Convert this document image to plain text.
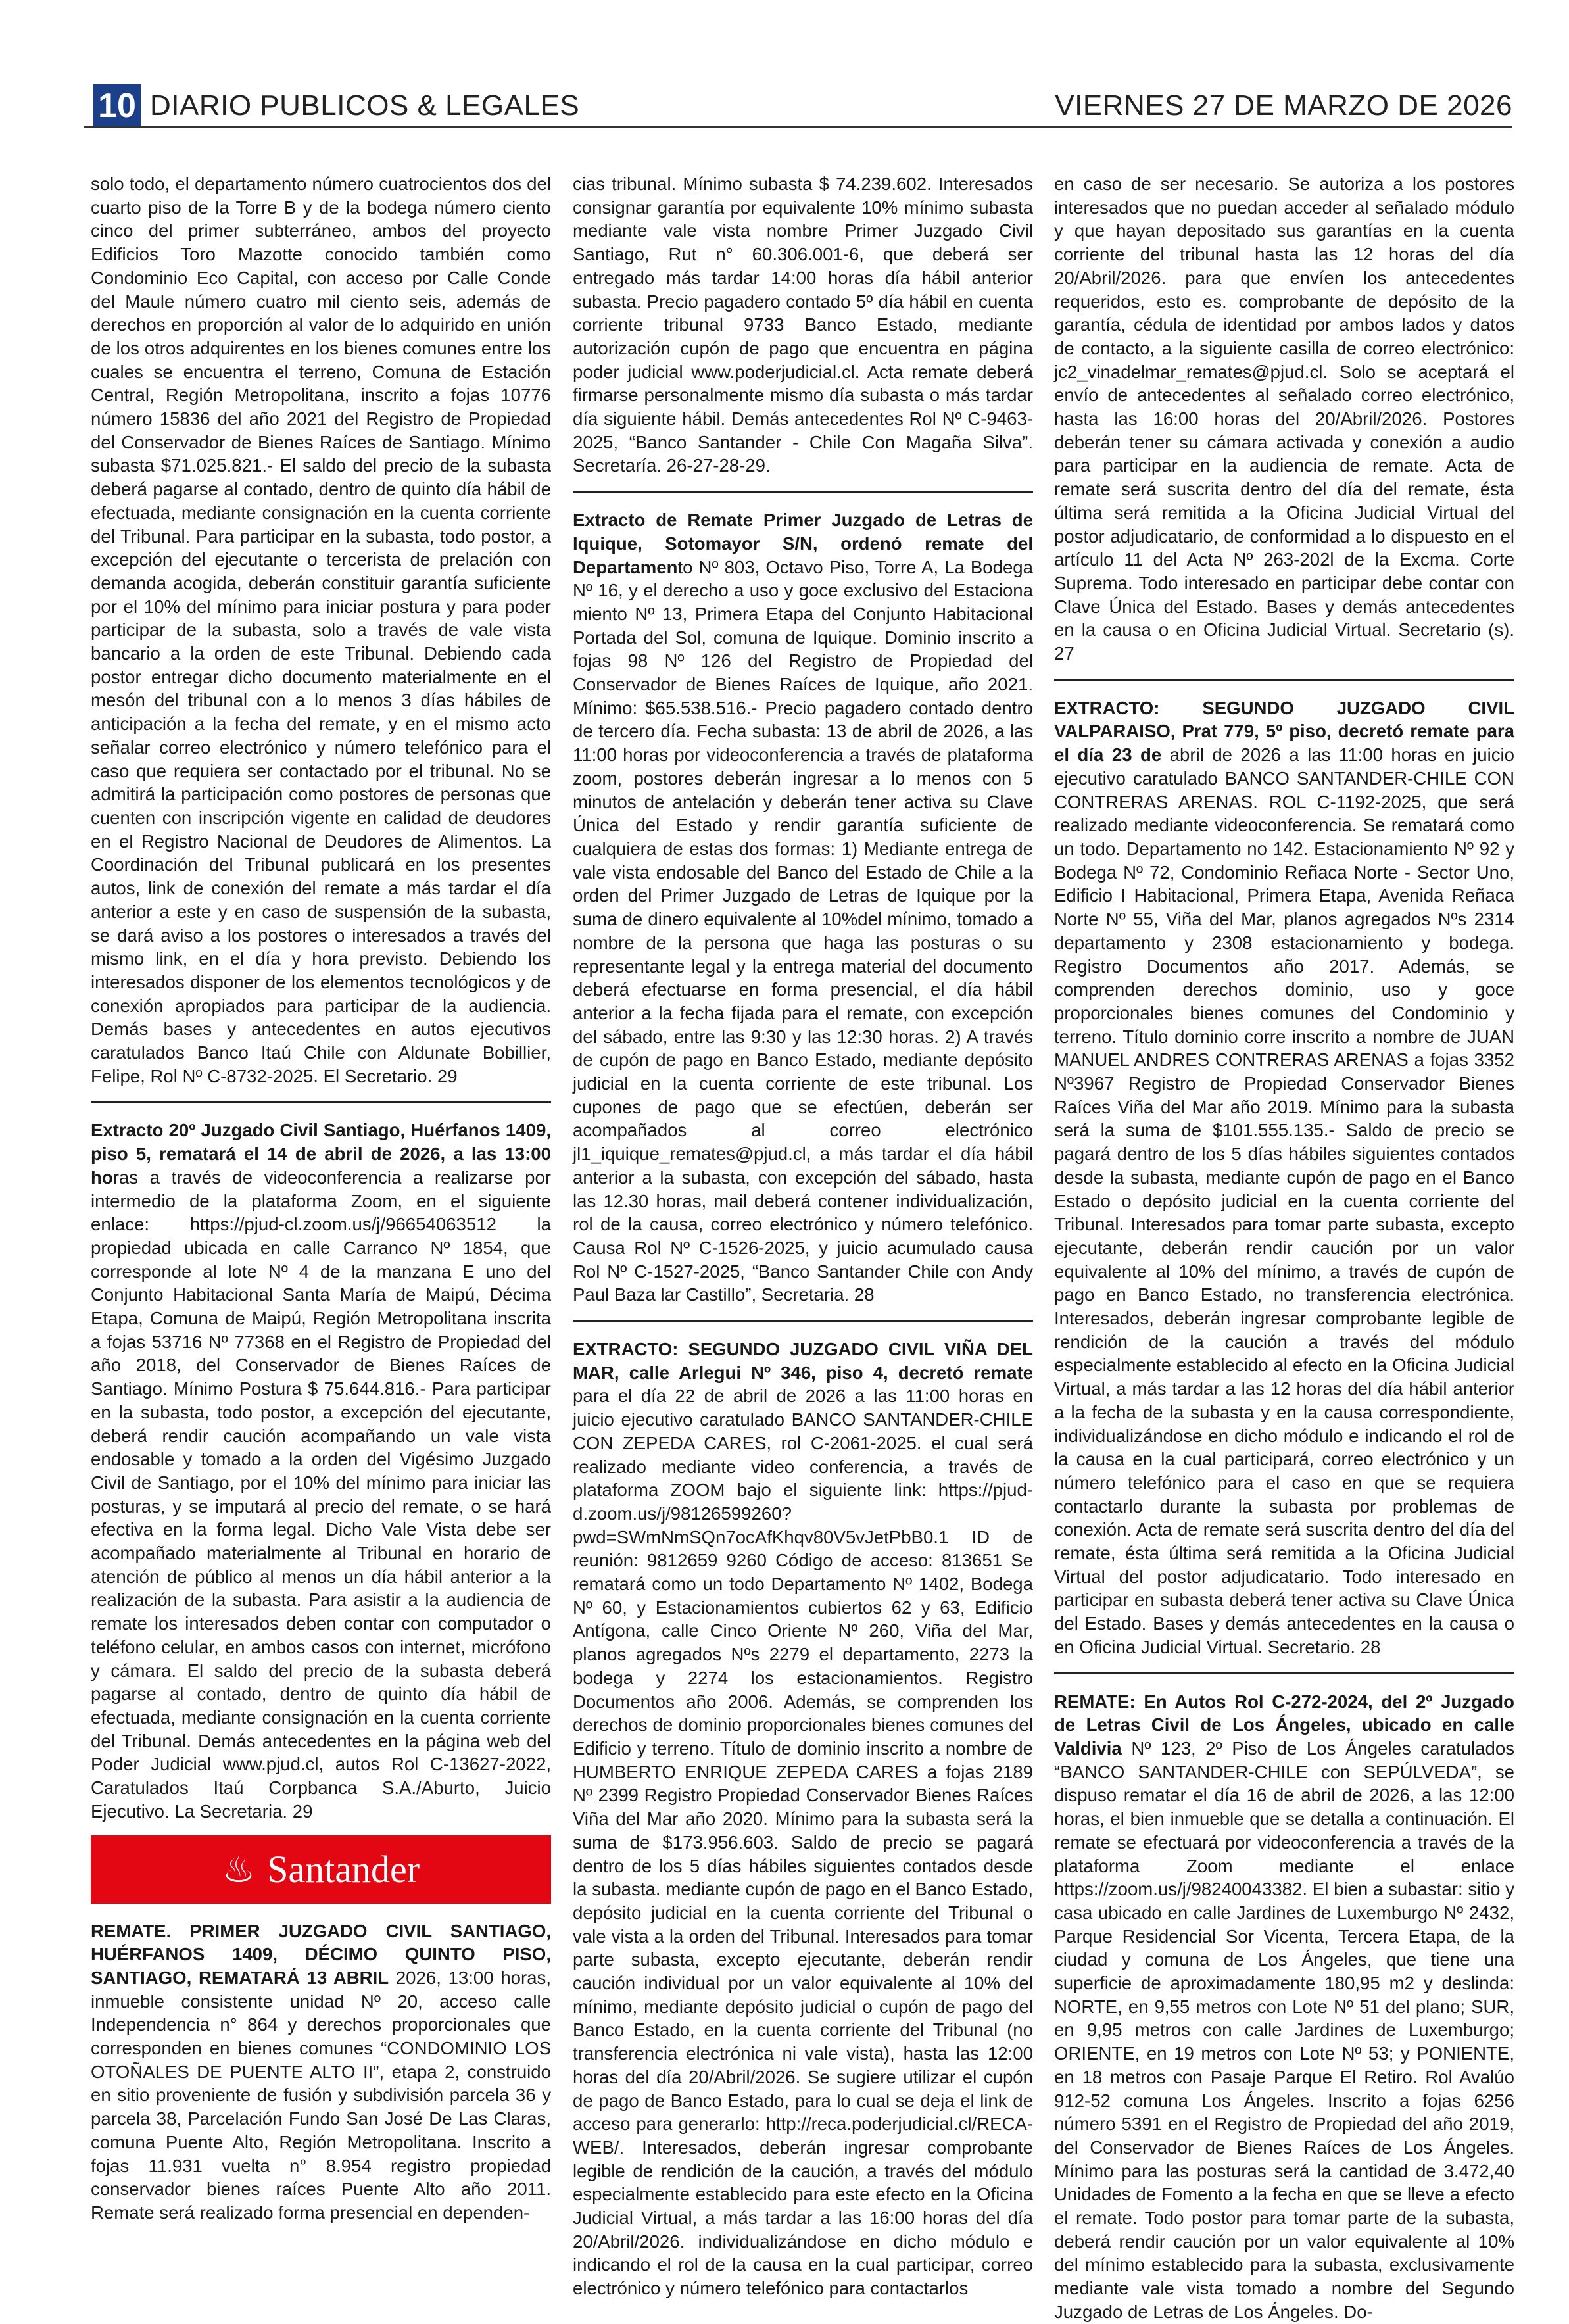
10 DIARIO PUBLICOS & LEGALES	VIERNES 27 DE MARZO DE 2026

solo todo, el departamento número cuatrocientos dos del cuarto piso de la Torre B y de la bodega número ciento cinco del primer subterráneo, ambos del proyecto Edificios Toro Mazotte conocido también como Condominio Eco Capital, con acceso por Calle Conde del Maule número cuatro mil ciento seis, además de derechos en proporción al valor de lo adquirido en unión de los otros adquirentes en los bienes comunes entre los cuales se encuentra el terreno, Comuna de Estación Central, Región Metropolitana, inscrito a fojas 10776 número 15836 del año 2021 del Registro de Propiedad del Conservador de Bienes Raíces de Santiago. Mínimo subasta $71.025.821.- El saldo del precio de la subasta deberá pagarse al contado, dentro de quinto día hábil de efectuada, mediante consignación en la cuenta corriente del Tribunal. Para participar en la subasta, todo postor, a excepción del ejecutante o tercerista de prelación con demanda acogida, deberán constituir garantía suficiente por el 10% del mínimo para iniciar postura y para poder participar de la subasta, solo a través de vale vista bancario a la orden de este Tribunal. Debiendo cada postor entregar dicho documento materialmente en el mesón del tribunal con a lo menos 3 días hábiles de anticipación a la fecha del remate, y en el mismo acto señalar correo electrónico y número telefónico para el caso que requiera ser contactado por el tribunal. No se admitirá la participación como postores de personas que cuenten con inscripción vigente en calidad de deudores en el Registro Nacional de Deudores de Alimentos. La Coordinación del Tribunal publicará en los presentes autos, link de conexión del remate a más tardar el día anterior a este y en caso de suspensión de la subasta, se dará aviso a los postores o interesados a través del mismo link, en el día y hora previsto. Debiendo los interesados disponer de los elementos tecnológicos y de conexión apropiados para participar de la audiencia. Demás bases y antecedentes en autos ejecutivos caratulados Banco Itaú Chile con Aldunate Bobillier, Felipe, Rol Nº C-8732-2025. El Secretario. 29

Extracto 20º Juzgado Civil Santiago, Huérfanos 1409, piso 5, rematará el 14 de abril de 2026, a las 13:00 horas a través de videoconferencia a realizarse por intermedio de la plataforma Zoom, en el siguiente enlace: https://pjud-cl.zoom.us/j/96654063512 la propiedad ubicada en calle Carranco Nº 1854, que corresponde al lote Nº 4 de la manzana E uno del Conjunto Habitacional Santa María de Maipú, Décima Etapa, Comuna de Maipú, Región Metropolitana inscrita a fojas 53716 Nº 77368 en el Registro de Propiedad del año 2018, del Conservador de Bienes Raíces de Santiago. Mínimo Postura $ 75.644.816.- Para participar en la subasta, todo postor, a excepción del ejecutante, deberá rendir caución acompañando un vale vista endosable y tomado a la orden del Vigésimo Juzgado Civil de Santiago, por el 10% del mínimo para iniciar las posturas, y se imputará al precio del remate, o se hará efectiva en la forma legal. Dicho Vale Vista debe ser acompañado materialmente al Tribunal en horario de atención de público al menos un día hábil anterior a la realización de la subasta. Para asistir a la audiencia de remate los interesados deben contar con computador o teléfono celular, en ambos casos con internet, micrófono y cámara. El saldo del precio de la subasta deberá pagarse al contado, dentro de quinto día hábil de efectuada, mediante consignación en la cuenta corriente del Tribunal. Demás antecedentes en la página web del Poder Judicial www.pjud.cl, autos Rol C-13627-2022, Caratulados Itaú Corpbanca S.A./Aburto, Juicio Ejecutivo. La Secretaria. 29

♨ Santander

REMATE. PRIMER JUZGADO CIVIL SANTIAGO, HUÉRFANOS 1409, DÉCIMO QUINTO PISO, SANTIAGO, REMATARÁ 13 ABRIL 2026, 13:00 horas, inmueble consistente unidad Nº 20, acceso calle Independencia n° 864 y derechos proporcionales que corresponden en bienes comunes “CONDOMINIO LOS OTOÑALES DE PUENTE ALTO II”, etapa 2, construido en sitio proveniente de fusión y subdivisión parcela 36 y parcela 38, Parcelación Fundo San José De Las Claras, comuna Puente Alto, Región Metropolitana. Inscrito a fojas 11.931 vuelta n° 8.954 registro propiedad conservador bienes raíces Puente Alto año 2011. Remate será realizado forma presencial en dependen-

cias tribunal. Mínimo subasta $ 74.239.602. Interesados consignar garantía por equivalente 10% mínimo subasta mediante vale vista nombre Primer Juzgado Civil Santiago, Rut n° 60.306.001-6, que deberá ser entregado más tardar 14:00 horas día hábil anterior subasta. Precio pagadero contado 5º día hábil en cuenta corriente tribunal 9733 Banco Estado, mediante autorización cupón de pago que encuentra en página poder judicial www.poderjudicial.cl. Acta remate deberá firmarse personalmente mismo día subasta o más tardar día siguiente hábil. Demás antecedentes Rol Nº C-9463-2025, “Banco Santander - Chile Con Magaña Silva”. Secretaría. 26-27-28-29.

Extracto de Remate Primer Juzgado de Letras de Iquique, Sotomayor S/N, ordenó remate del Departamento Nº 803, Octavo Piso, Torre A, La Bodega Nº 16, y el derecho a uso y goce exclusivo del Estaciona miento Nº 13, Primera Etapa del Conjunto Habitacional Portada del Sol, comuna de Iquique. Dominio inscrito a fojas 98 Nº 126 del Registro de Propiedad del Conservador de Bienes Raíces de Iquique, año 2021. Mínimo: $65.538.516.- Precio pagadero contado dentro de tercero día. Fecha subasta: 13 de abril de 2026, a las 11:00 horas por videoconferencia a través de plataforma zoom, postores deberán ingresar a lo menos con 5 minutos de antelación y deberán tener activa su Clave Única del Estado y rendir garantía suficiente de cualquiera de estas dos formas: 1) Mediante entrega de vale vista endosable del Banco del Estado de Chile a la orden del Primer Juzgado de Letras de Iquique por la suma de dinero equivalente al 10%del mínimo, tomado a nombre de la persona que haga las posturas o su representante legal y la entrega material del documento deberá efectuarse en forma presencial, el día hábil anterior a la fecha fijada para el remate, con excepción del sábado, entre las 9:30 y las 12:30 horas. 2) A través de cupón de pago en Banco Estado, mediante depósito judicial en la cuenta corriente de este tribunal. Los cupones de pago que se efectúen, deberán ser acompañados al correo electrónico jl1_iquique_remates@pjud.cl, a más tardar el día hábil anterior a la subasta, con excepción del sábado, hasta las 12.30 horas, mail deberá contener individualización, rol de la causa, correo electrónico y número telefónico. Causa Rol Nº C-1526-2025, y juicio acumulado causa Rol Nº C-1527-2025, “Banco Santander Chile con Andy Paul Baza lar Castillo”, Secretaria. 28

EXTRACTO: SEGUNDO JUZGADO CIVIL VIÑA DEL MAR, calle Arlegui Nº 346, piso 4, decretó remate para el día 22 de abril de 2026 a las 11:00 horas en juicio ejecutivo caratulado BANCO SANTANDER-CHILE CON ZEPEDA CARES, rol C-2061-2025. el cual será realizado mediante video conferencia, a través de plataforma ZOOM bajo el siguiente link: https://pjud-d.zoom.us/j/98126599260?pwd=SWmNmSQn7ocAfKhqv80V5vJetPbB0.1 ID de reunión: 9812659 9260 Código de acceso: 813651 Se rematará como un todo Departamento Nº 1402, Bodega Nº 60, y Estacionamientos cubiertos 62 y 63, Edificio Antígona, calle Cinco Oriente Nº 260, Viña del Mar, planos agregados Nºs 2279 el departamento, 2273 la bodega y 2274 los estacionamientos. Registro Documentos año 2006. Además, se comprenden los derechos de dominio proporcionales bienes comunes del Edificio y terreno. Título de dominio inscrito a nombre de HUMBERTO ENRIQUE ZEPEDA CARES a fojas 2189 Nº 2399 Registro Propiedad Conservador Bienes Raíces Viña del Mar año 2020. Mínimo para la subasta será la suma de $173.956.603. Saldo de precio se pagará dentro de los 5 días hábiles siguientes contados desde la subasta. mediante cupón de pago en el Banco Estado, depósito judicial en la cuenta corriente del Tribunal o vale vista a la orden del Tribunal. Interesados para tomar parte subasta, excepto ejecutante, deberán rendir caución individual por un valor equivalente al 10% del mínimo, mediante depósito judicial o cupón de pago del Banco Estado, en la cuenta corriente del Tribunal (no transferencia electrónica ni vale vista), hasta las 12:00 horas del día 20/Abril/2026. Se sugiere utilizar el cupón de pago de Banco Estado, para lo cual se deja el link de acceso para generarlo: http://reca.poderjudicial.cl/RECA-WEB/. Interesados, deberán ingresar comprobante legible de rendición de la caución, a través del módulo especialmente establecido para este efecto en la Oficina Judicial Virtual, a más tardar a las 16:00 horas del día 20/Abril/2026. individualizándose en dicho módulo e indicando el rol de la causa en la cual participar, correo electrónico y número telefónico para contactarlos

en caso de ser necesario. Se autoriza a los postores interesados que no puedan acceder al señalado módulo y que hayan depositado sus garantías en la cuenta corriente del tribunal hasta las 12 horas del día 20/Abril/2026. para que envíen los antecedentes requeridos, esto es. comprobante de depósito de la garantía, cédula de identidad por ambos lados y datos de contacto, a la siguiente casilla de correo electrónico: jc2_vinadelmar_remates@pjud.cl. Solo se aceptará el envío de antecedentes al señalado correo electrónico, hasta las 16:00 horas del 20/Abril/2026. Postores deberán tener su cámara activada y conexión a audio para participar en la audiencia de remate. Acta de remate será suscrita dentro del día del remate, ésta última será remitida a la Oficina Judicial Virtual del postor adjudicatario, de conformidad a lo dispuesto en el artículo 11 del Acta Nº 263-202l de la Excma. Corte Suprema. Todo interesado en participar debe contar con Clave Única del Estado. Bases y demás antecedentes en la causa o en Oficina Judicial Virtual. Secretario (s). 27

EXTRACTO: SEGUNDO JUZGADO CIVIL VALPARAISO, Prat 779, 5º piso, decretó remate para el día 23 de abril de 2026 a las 11:00 horas en juicio ejecutivo caratulado BANCO SANTANDER-CHILE CON CONTRERAS ARENAS. ROL C-1192-2025, que será realizado mediante videoconferencia. Se rematará como un todo. Departamento no 142. Estacionamiento Nº 92 y Bodega Nº 72, Condominio Reñaca Norte - Sector Uno, Edificio I Habitacional, Primera Etapa, Avenida Reñaca Norte Nº 55, Viña del Mar, planos agregados Nºs 2314 departamento y 2308 estacionamiento y bodega. Registro Documentos año 2017. Además, se comprenden derechos dominio, uso y goce proporcionales bienes comunes del Condominio y terreno. Título dominio corre inscrito a nombre de JUAN MANUEL ANDRES CONTRERAS ARENAS a fojas 3352 Nº3967 Registro de Propiedad Conservador Bienes Raíces Viña del Mar año 2019. Mínimo para la subasta será la suma de $101.555.135.- Saldo de precio se pagará dentro de los 5 días hábiles siguientes contados desde la subasta, mediante cupón de pago en el Banco Estado o depósito judicial en la cuenta corriente del Tribunal. Interesados para tomar parte subasta, excepto ejecutante, deberán rendir caución por un valor equivalente al 10% del mínimo, a través de cupón de pago en Banco Estado, no transferencia electrónica. Interesados, deberán ingresar comprobante legible de rendición de la caución a través del módulo especialmente establecido al efecto en la Oficina Judicial Virtual, a más tardar a las 12 horas del día hábil anterior a la fecha de la subasta y en la causa correspondiente, individualizándose en dicho módulo e indicando el rol de la causa en la cual participará, correo electrónico y un número telefónico para el caso en que se requiera contactarlo durante la subasta por problemas de conexión. Acta de remate será suscrita dentro del día del remate, ésta última será remitida a la Oficina Judicial Virtual del postor adjudicatario. Todo interesado en participar en subasta deberá tener activa su Clave Única del Estado. Bases y demás antecedentes en la causa o en Oficina Judicial Virtual. Secretario. 28

REMATE: En Autos Rol C-272-2024, del 2º Juzgado de Letras Civil de Los Ángeles, ubicado en calle Valdivia Nº 123, 2º Piso de Los Ángeles caratulados “BANCO SANTANDER-CHILE con SEPÚLVEDA”, se dispuso rematar el día 16 de abril de 2026, a las 12:00 horas, el bien inmueble que se detalla a continuación. El remate se efectuará por videoconferencia a través de la plataforma Zoom mediante el enlace https://zoom.us/j/98240043382. El bien a subastar: sitio y casa ubicado en calle Jardines de Luxemburgo Nº 2432, Parque Residencial Sor Vicenta, Tercera Etapa, de la ciudad y comuna de Los Ángeles, que tiene una superficie de aproximadamente 180,95 m2 y deslinda: NORTE, en 9,55 metros con Lote Nº 51 del plano; SUR, en 9,95 metros con calle Jardines de Luxemburgo; ORIENTE, en 19 metros con Lote Nº 53; y PONIENTE, en 18 metros con Pasaje Parque El Retiro. Rol Avalúo 912-52 comuna Los Ángeles. Inscrito a fojas 6256 número 5391 en el Registro de Propiedad del año 2019, del Conservador de Bienes Raíces de Los Ángeles. Mínimo para las posturas será la cantidad de 3.472,40 Unidades de Fomento a la fecha en que se lleve a efecto el remate. Todo postor para tomar parte de la subasta, deberá rendir caución por un valor equivalente al 10% del mínimo establecido para la subasta, exclusivamente mediante vale vista tomado a nombre del Segundo Juzgado de Letras de Los Ángeles. Do-
